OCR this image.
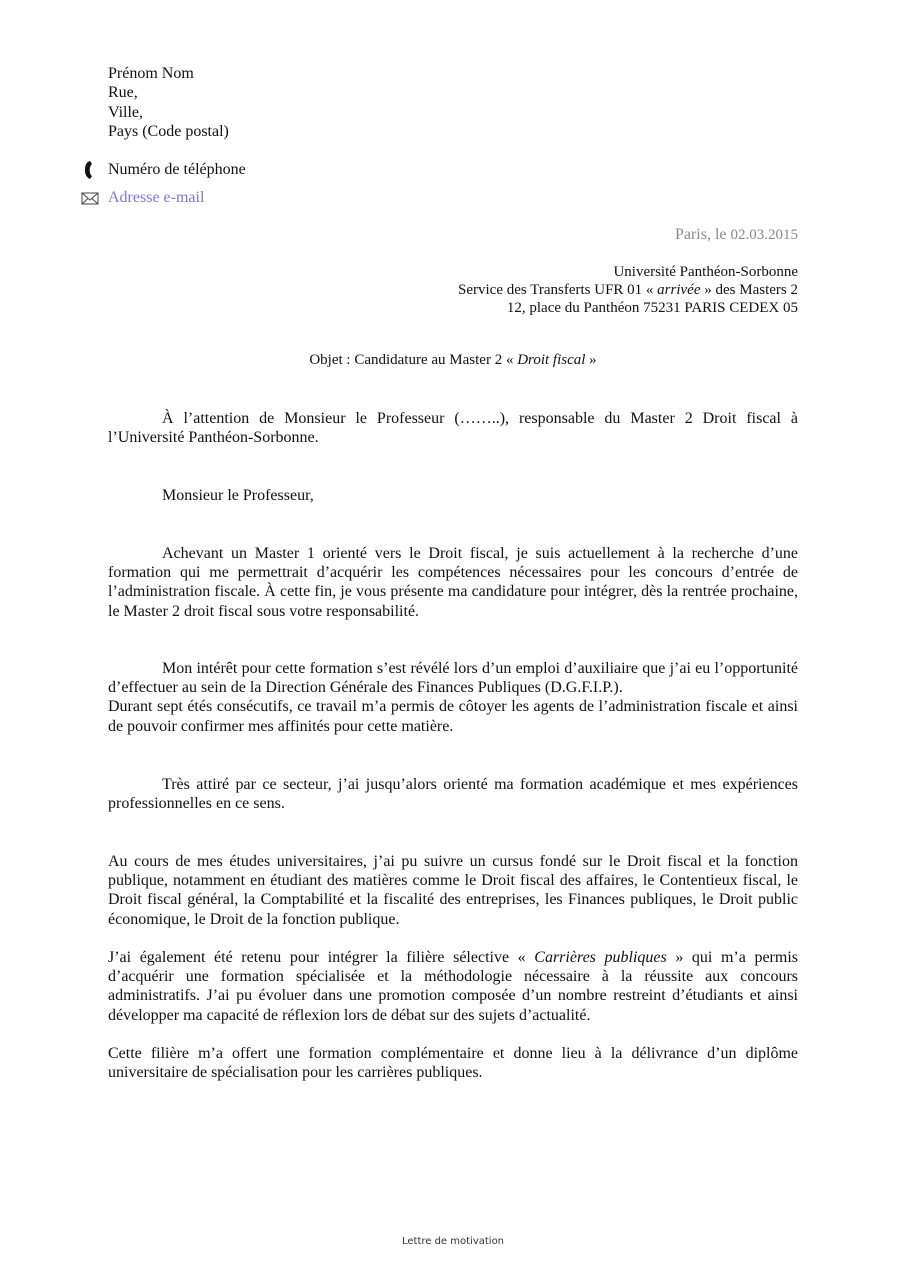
Prénom Nom
Rue,
Ville,
Pays (Code postal)
Numéro de téléphone
Adresse e-mail
Paris, le 02.03.2015
Université Panthéon-Sorbonne
Service des Transferts UFR 01 « arrivée » des Masters 2
12, place du Panthéon 75231 PARIS CEDEX 05
Objet : Candidature au Master 2 « Droit fiscal »

À l’attention de Monsieur le Professeur (……..), responsable du Master 2 Droit fiscal à l’Université Panthéon-Sorbonne.

Monsieur le Professeur,

Achevant un Master 1 orienté vers le Droit fiscal, je suis actuellement à la recherche d’une formation qui me permettrait d’acquérir les compétences nécessaires pour les concours d’entrée de l’administration fiscale. À cette fin, je vous présente ma candidature pour intégrer, dès la rentrée prochaine, le Master 2 droit fiscal sous votre responsabilité.

Mon intérêt pour cette formation s’est révélé lors d’un emploi d’auxiliaire que j’ai eu l’opportunité d’effectuer au sein de la Direction Générale des Finances Publiques (D.G.F.I.P.).

Durant sept étés consécutifs, ce travail m’a permis de côtoyer les agents de l’administration fiscale et ainsi de pouvoir confirmer mes affinités pour cette matière.

Très attiré par ce secteur, j’ai jusqu’alors orienté ma formation académique et mes expériences professionnelles en ce sens.

Au cours de mes études universitaires, j’ai pu suivre un cursus fondé sur le Droit fiscal et la fonction publique, notamment en étudiant des matières comme le Droit fiscal des affaires, le Contentieux fiscal, le Droit fiscal général, la Comptabilité et la fiscalité des entreprises, les Finances publiques, le Droit public économique, le Droit de la fonction publique.

J’ai également été retenu pour intégrer la filière sélective « Carrières publiques » qui m’a permis d’acquérir une formation spécialisée et la méthodologie nécessaire à la réussite aux concours administratifs. J’ai pu évoluer dans une promotion composée d’un nombre restreint d’étudiants et ainsi développer ma capacité de réflexion lors de débat sur des sujets d’actualité.

Cette filière m’a offert une formation complémentaire et donne lieu à la délivrance d’un diplôme universitaire de spécialisation pour les carrières publiques.

Lettre de motivation
